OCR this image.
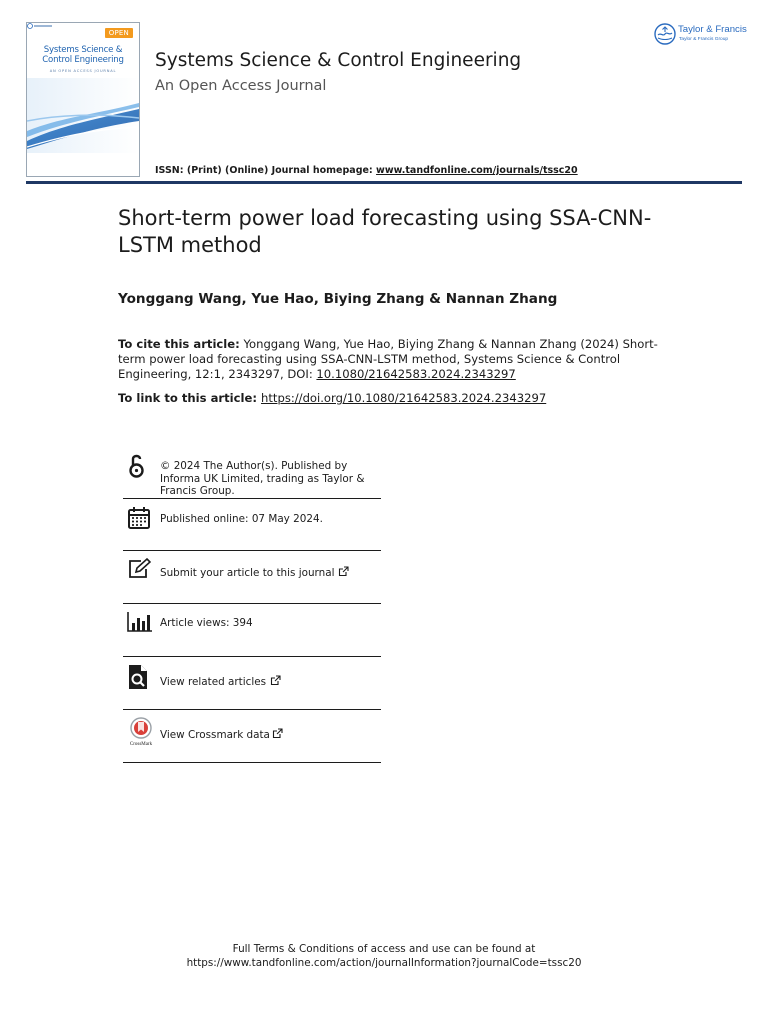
OPEN
Systems Science &
Control Engineering
AN OPEN ACCESS JOURNAL	Systems Science & Control Engineering
An Open Access Journal
ISSN: (Print) (Online) Journal homepage: www.tandfonline.com/journals/tssc20
Taylor & Francis
Taylor & Francis Group
Short-term power load forecasting using SSA-CNN-LSTM method
Yonggang Wang, Yue Hao, Biying Zhang & Nannan Zhang
To cite this article: Yonggang Wang, Yue Hao, Biying Zhang & Nannan Zhang (2024) Short-term power load forecasting using SSA-CNN-LSTM method, Systems Science & Control Engineering, 12:1, 2343297, DOI: 10.1080/21642583.2024.2343297
To link to this article: https://doi.org/10.1080/21642583.2024.2343297
© 2024 The Author(s). Published by Informa UK Limited, trading as Taylor & Francis Group.
Published online: 07 May 2024.
Submit your article to this journal
Article views: 394
View related articles
CrossMark
View Crossmark data
Full Terms & Conditions of access and use can be found at
https://www.tandfonline.com/action/journalInformation?journalCode=tssc20
